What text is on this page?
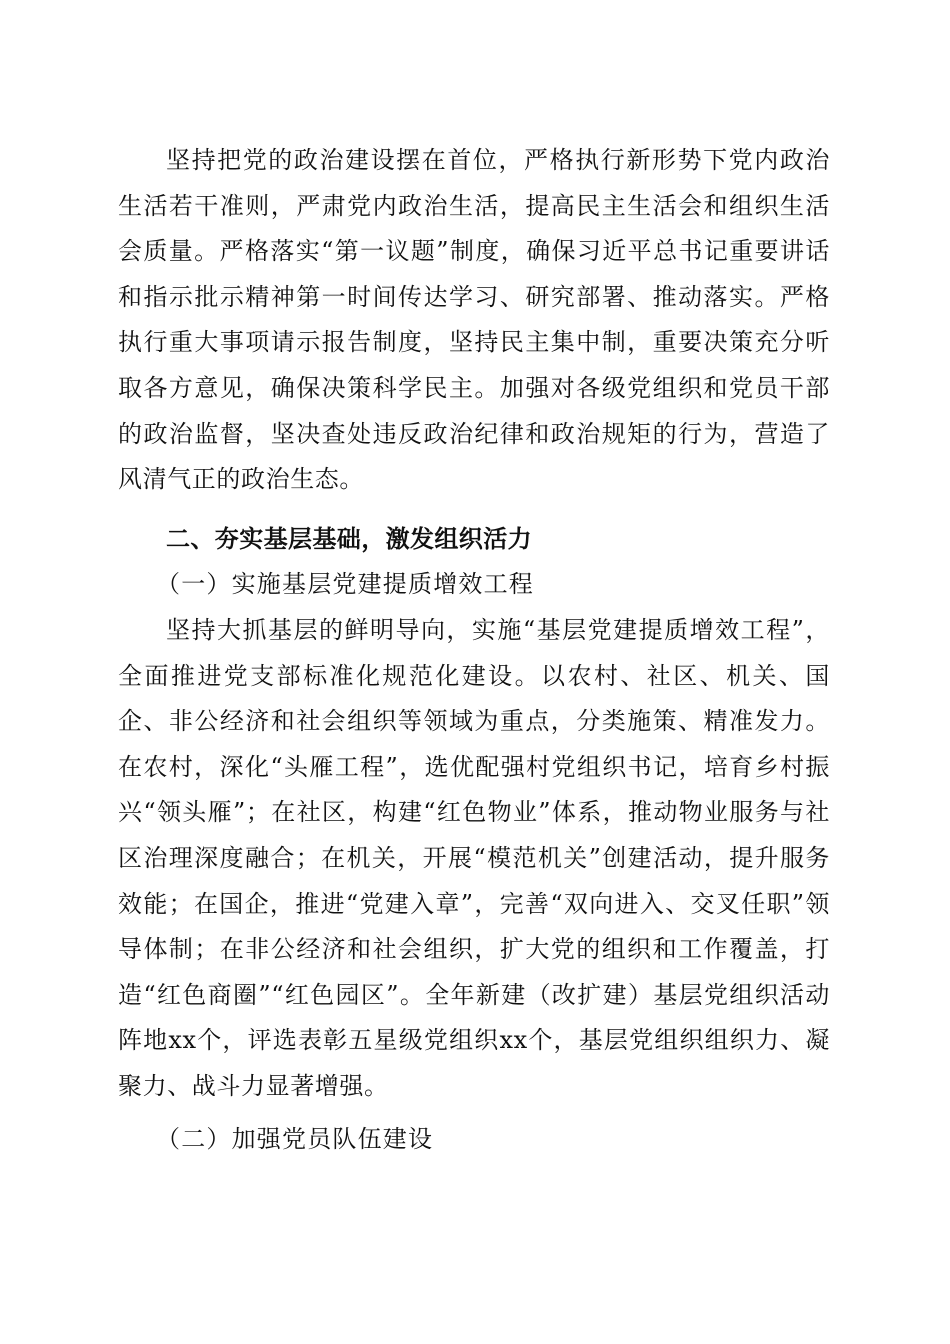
坚持把党的政治建设摆在首位，严格执行新形势下党内政治生活若干准则，严肃党内政治生活，提高民主生活会和组织生活会质量。严格落实“第一议题”制度，确保习近平总书记重要讲话和指示批示精神第一时间传达学习、研究部署、推动落实。严格执行重大事项请示报告制度，坚持民主集中制，重要决策充分听取各方意见，确保决策科学民主。加强对各级党组织和党员干部的政治监督，坚决查处违反政治纪律和政治规矩的行为，营造了风清气正的政治生态。

二、夯实基层基础，激发组织活力

（一）实施基层党建提质增效工程

坚持大抓基层的鲜明导向，实施“基层党建提质增效工程”，全面推进党支部标准化规范化建设。以农村、社区、机关、国企、非公经济和社会组织等领域为重点，分类施策、精准发力。在农村，深化“头雁工程”，选优配强村党组织书记，培育乡村振兴“领头雁”；在社区，构建“红色物业”体系，推动物业服务与社区治理深度融合；在机关，开展“模范机关”创建活动，提升服务效能；在国企，推进“党建入章”，完善“双向进入、交叉任职”领导体制；在非公经济和社会组织，扩大党的组织和工作覆盖，打造“红色商圈”“红色园区”。全年新建（改扩建）基层党组织活动阵地xx个，评选表彰五星级党组织xx个，基层党组织组织力、凝聚力、战斗力显著增强。

（二）加强党员队伍建设
